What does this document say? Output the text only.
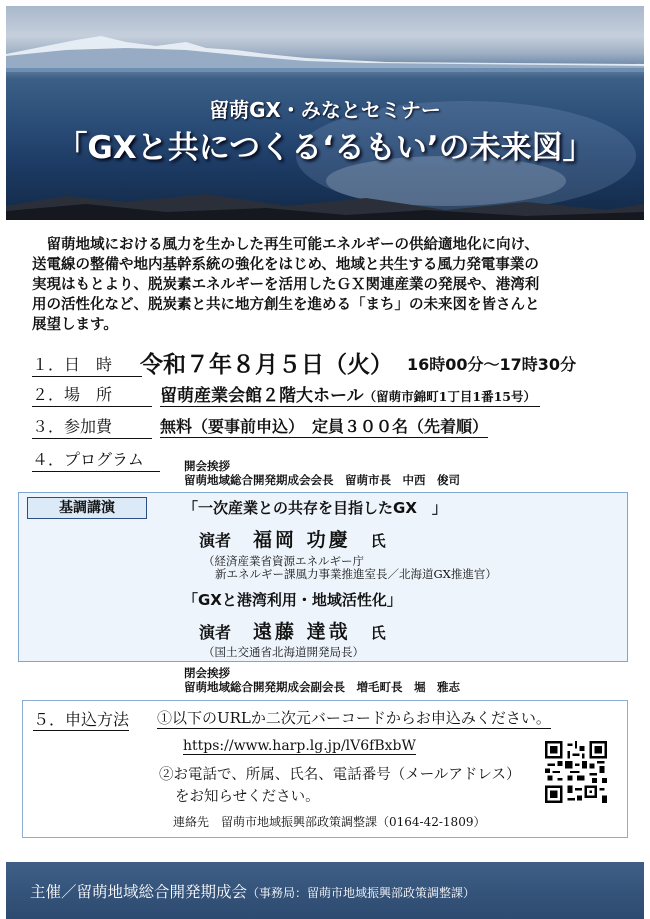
留萌GX・みなとセミナー
「GXと共につくる‘るもい’の未来図」

　留萌地域における風力を生かした再生可能エネルギーの供給適地化に向け、

送電線の整備や地内基幹系統の強化をはじめ、地域と共生する風力発電事業の

実現はもとより、脱炭素エネルギーを活用したＧＸ関連産業の発展や、港湾利

用の活性化など、脱炭素と共に地方創生を進める「まち」の未来図を皆さんと

展望します。

１．日　時 令和７年８月５日（火） 16時00分～17時30分
２．場　所	留萌産業会館２階大ホール（留萌市錦町1丁目1番15号）
３．参加費	無料（要事前申込）　定員３００名（先着順）
４．プログラム	開会挨拶
留萌地域総合開発期成会会長　留萌市長　中西　俊司
基調講演	「一次産業との共存を目指したGX　」
演者 福岡 功慶 氏
（経済産業省資源エネルギー庁
新エネルギー課風力事業推進室長／北海道GX推進官）
「GXと港湾利用・地域活性化」
演者 遠藤 達哉 氏
（国土交通省北海道開発局長）
閉会挨拶
留萌地域総合開発期成会副会長　増毛町長　堀　雅志
５．申込方法 ①以下のURLか二次元バーコードからお申込みください。
https://www.harp.lg.jp/lV6fBxbW
②お電話で、所属、氏名、電話番号（メールアドレス）
をお知らせください。
連絡先　留萌市地域振興部政策調整課（0164-42-1809）
主催／留萌地域総合開発期成会（事務局：留萌市地域振興部政策調整課）
